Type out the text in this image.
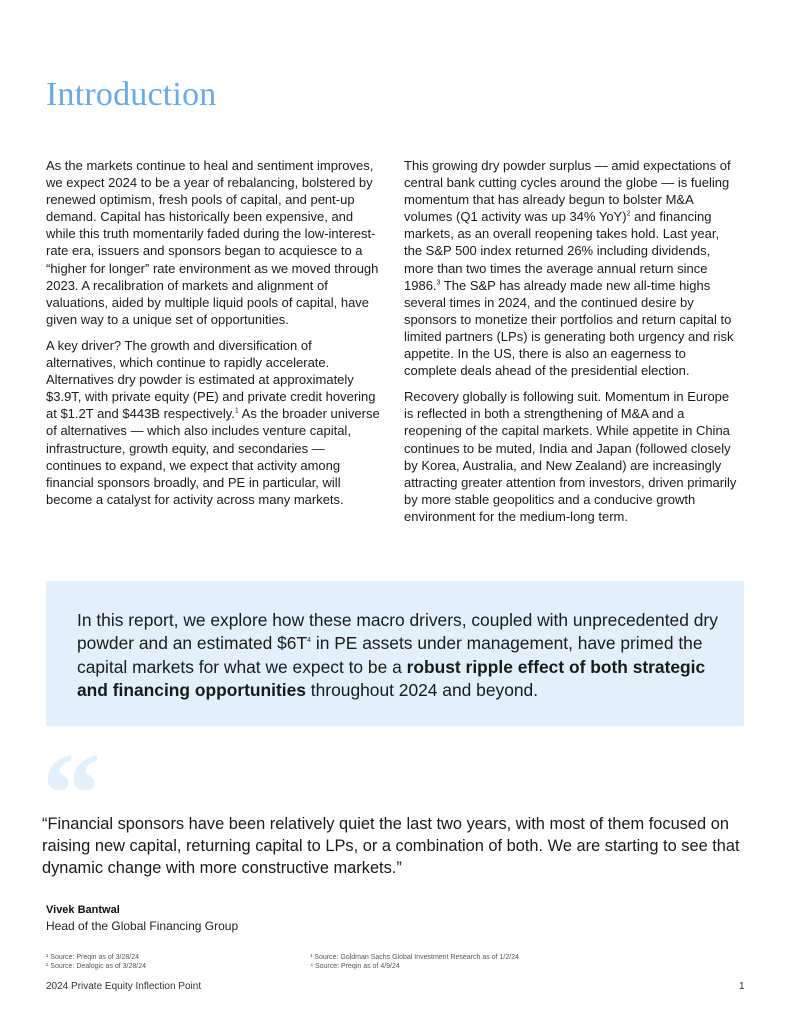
Introduction

As the markets continue to heal and sentiment improves, we expect 2024 to be a year of rebalancing, bolstered by renewed optimism, fresh pools of capital, and pent-up demand. Capital has historically been expensive, and while this truth momentarily faded during the low-interest-rate era, issuers and sponsors began to acquiesce to a “higher for longer” rate environment as we moved through 2023. A recalibration of markets and alignment of valuations, aided by multiple liquid pools of capital, have given way to a unique set of opportunities.

A key driver? The growth and diversification of alternatives, which continue to rapidly accelerate. Alternatives dry powder is estimated at approximately $3.9T, with private equity (PE) and private credit hovering at $1.2T and $443B respectively.$^1$ As the broader universe of alternatives — which also includes venture capital, infrastructure, growth equity, and secondaries — continues to expand, we expect that activity among financial sponsors broadly, and PE in particular, will become a catalyst for activity across many markets.

This growing dry powder surplus — amid expectations of central bank cutting cycles around the globe — is fueling momentum that has already begun to bolster M&A volumes (Q1 activity was up 34% YoY)$^2$ and financing markets, as an overall reopening takes hold. Last year, the S&P 500 index returned 26% including dividends, more than two times the average annual return since 1986.$^3$ The S&P has already made new all-time highs several times in 2024, and the continued desire by sponsors to monetize their portfolios and return capital to limited partners (LPs) is generating both urgency and risk appetite. In the US, there is also an eagerness to complete deals ahead of the presidential election.

Recovery globally is following suit. Momentum in Europe is reflected in both a strengthening of M&A and a reopening of the capital markets. While appetite in China continues to be muted, India and Japan (followed closely by Korea, Australia, and New Zealand) are increasingly attracting greater attention from investors, driven primarily by more stable geopolitics and a conducive growth environment for the medium-long term.

In this report, we explore how these macro drivers, coupled with unprecedented dry powder and an estimated $\$6T^4$ in PE assets under management, have primed the capital markets for what we expect to be a robust ripple effect of both strategic and financing opportunities throughout 2024 and beyond.

“

“Financial sponsors have been relatively quiet the last two years, with most of them focused on raising new capital, returning capital to LPs, or a combination of both. We are starting to see that dynamic change with more constructive markets.”

Vivek Bantwal
Head of the Global Financing Group
¹ Source: Preqin as of 3/28/24
² Source: Dealogic as of 3/28/24
³ Source: Goldman Sachs Global Investment Research as of 1/2/24
⁴ Source: Preqin as of 4/9/24
2024 Private Equity Inflection Point	1
